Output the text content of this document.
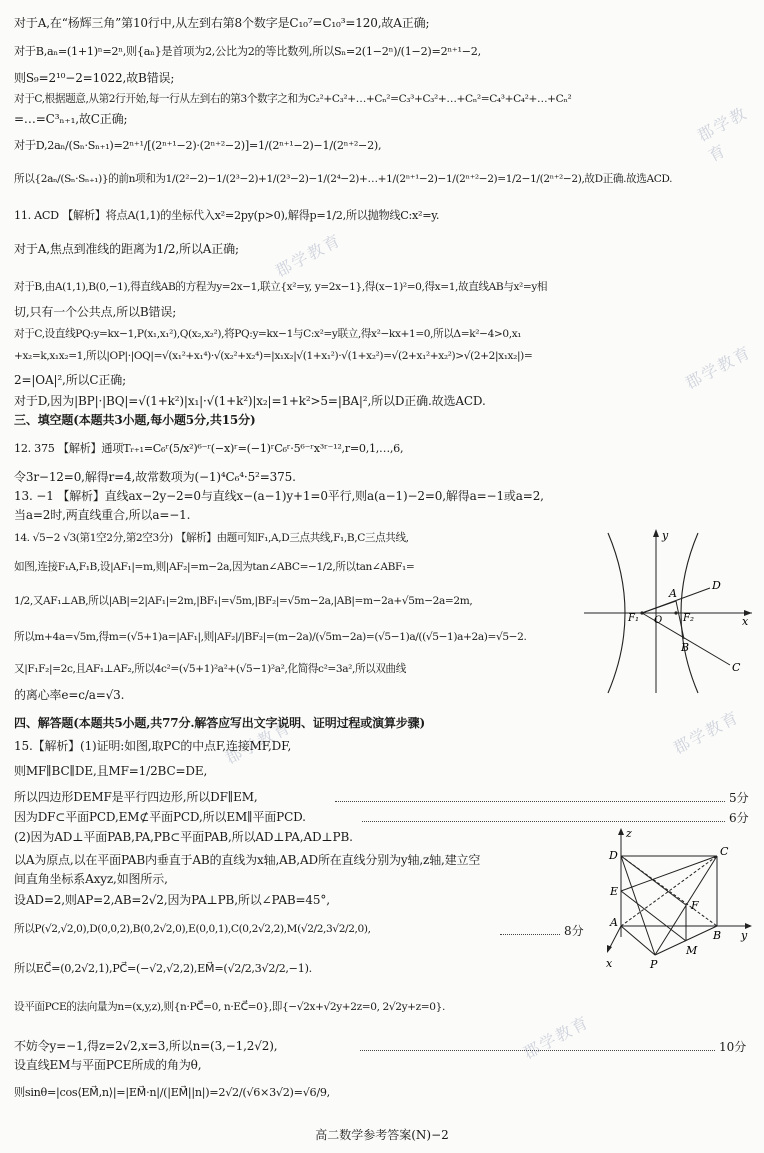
郡学教育
郡学教育
郡学教育
郡学教育
郡学教育
郡学教育
对于A,在“杨辉三角”第10行中,从左到右第8个数字是C₁₀⁷=C₁₀³=120,故A正确;
对于B,aₙ=(1+1)ⁿ=2ⁿ,则{aₙ}是首项为2,公比为2的等比数列,所以Sₙ=2(1−2ⁿ)/(1−2)=2ⁿ⁺¹−2,
则S₉=2¹⁰−2=1022,故B错误;
对于C,根据题意,从第2行开始,每一行从左到右的第3个数字之和为C₂²+C₃²+…+Cₙ²=C₃³+C₃²+…+Cₙ²=C₄³+C₄²+…+Cₙ²
=…=C³ₙ₊₁,故C正确;
对于D,2aₙ/(Sₙ·Sₙ₊₁)=2ⁿ⁺¹/[(2ⁿ⁺¹−2)·(2ⁿ⁺²−2)]=1/(2ⁿ⁺¹−2)−1/(2ⁿ⁺²−2),
所以{2aₙ/(Sₙ·Sₙ₊₁)}的前n项和为1/(2²−2)−1/(2³−2)+1/(2³−2)−1/(2⁴−2)+…+1/(2ⁿ⁺¹−2)−1/(2ⁿ⁺²−2)=1/2−1/(2ⁿ⁺²−2),故D正确.故选ACD.
11. ACD 【解析】将点A(1,1)的坐标代入x²=2py(p>0),解得p=1/2,所以抛物线C:x²=y.
对于A,焦点到准线的距离为1/2,所以A正确;
对于B,由A(1,1),B(0,−1),得直线AB的方程为y=2x−1,联立{x²=y, y=2x−1},得(x−1)²=0,得x=1,故直线AB与x²=y相
切,只有一个公共点,所以B错误;
对于C,设直线PQ:y=kx−1,P(x₁,x₁²),Q(x₂,x₂²),将PQ:y=kx−1与C:x²=y联立,得x²−kx+1=0,所以Δ=k²−4>0,x₁
+x₂=k,x₁x₂=1,所以|OP|·|OQ|=√(x₁²+x₁⁴)·√(x₂²+x₂⁴)=|x₁x₂|√(1+x₁²)·√(1+x₂²)=√(2+x₁²+x₂²)>√(2+2|x₁x₂|)=
2=|OA|²,所以C正确;
对于D,因为|BP|·|BQ|=√(1+k²)|x₁|·√(1+k²)|x₂|=1+k²>5=|BA|²,所以D正确.故选ACD.
三、填空题(本题共3小题,每小题5分,共15分)
12. 375 【解析】通项Tᵣ₊₁=C₆ʳ(5/x²)⁶⁻ʳ(−x)ʳ=(−1)ʳC₆ʳ·5⁶⁻ʳx³ʳ⁻¹²,r=0,1,…,6,
令3r−12=0,解得r=4,故常数项为(−1)⁴C₆⁴·5²=375.
13. −1 【解析】直线ax−2y−2=0与直线x−(a−1)y+1=0平行,则a(a−1)−2=0,解得a=−1或a=2,
当a=2时,两直线重合,所以a=−1.
14. √5−2 √3(第1空2分,第2空3分) 【解析】由题可知F₁,A,D三点共线,F₁,B,C三点共线,
如图,连接F₁A,F₁B,设|AF₁|=m,则|AF₂|=m−2a,因为tan∠ABC=−1/2,所以tan∠ABF₁=
1/2,又AF₁⊥AB,所以|AB|=2|AF₁|=2m,|BF₁|=√5m,|BF₂|=√5m−2a,|AB|=m−2a+√5m−2a=2m,
所以m+4a=√5m,得m=(√5+1)a=|AF₁|,则|AF₂|/|BF₂|=(m−2a)/(√5m−2a)=(√5−1)a/((√5−1)a+2a)=√5−2.
又|F₁F₂|=2c,且AF₁⊥AF₂,所以4c²=(√5+1)²a²+(√5−1)²a²,化简得c²=3a²,所以双曲线
的离心率e=c/a=√3.
四、解答题(本题共5小题,共77分.解答应写出文字说明、证明过程或演算步骤)
15.【解析】(1)证明:如图,取PC的中点F,连接MF,DF,
则MF∥BC∥DE,且MF=1/2BC=DE,
所以四边形DEMF是平行四边形,所以DF∥EM,
因为DF⊂平面PCD,EM⊄平面PCD,所以EM∥平面PCD.
(2)因为AD⊥平面PAB,PA,PB⊂平面PAB,所以AD⊥PA,AD⊥PB.
以A为原点,以在平面PAB内垂直于AB的直线为x轴,AB,AD所在直线分别为y轴,z轴,建立空
间直角坐标系Axyz,如图所示,
设AD=2,则AP=2,AB=2√2,因为PA⊥PB,所以∠PAB=45°,
所以P(√2,√2,0),D(0,0,2),B(0,2√2,0),E(0,0,1),C(0,2√2,2),M(√2/2,3√2/2,0),
所以EC⃗=(0,2√2,1),PC⃗=(−√2,√2,2),EM⃗=(√2/2,3√2/2,−1).
设平面PCE的法向量为n=(x,y,z),则{n·PC⃗=0, n·EC⃗=0},即{−√2x+√2y+2z=0, 2√2y+z=0}.
不妨令y=−1,得z=2√2,x=3,所以n=(3,−1,2√2),
设直线EM与平面PCE所成的角为θ,
则sinθ=|cos⟨EM⃗,n⟩|=|EM⃗·n|/(|EM⃗||n|)=2√2/(√6×3√2)=√6/9,
5分
6分
8分
10分
y
D
A
F₁ O F₂	x
B
C
z
D	C
E
F
A
B y
M
P
x
高二数学参考答案(N)−2
